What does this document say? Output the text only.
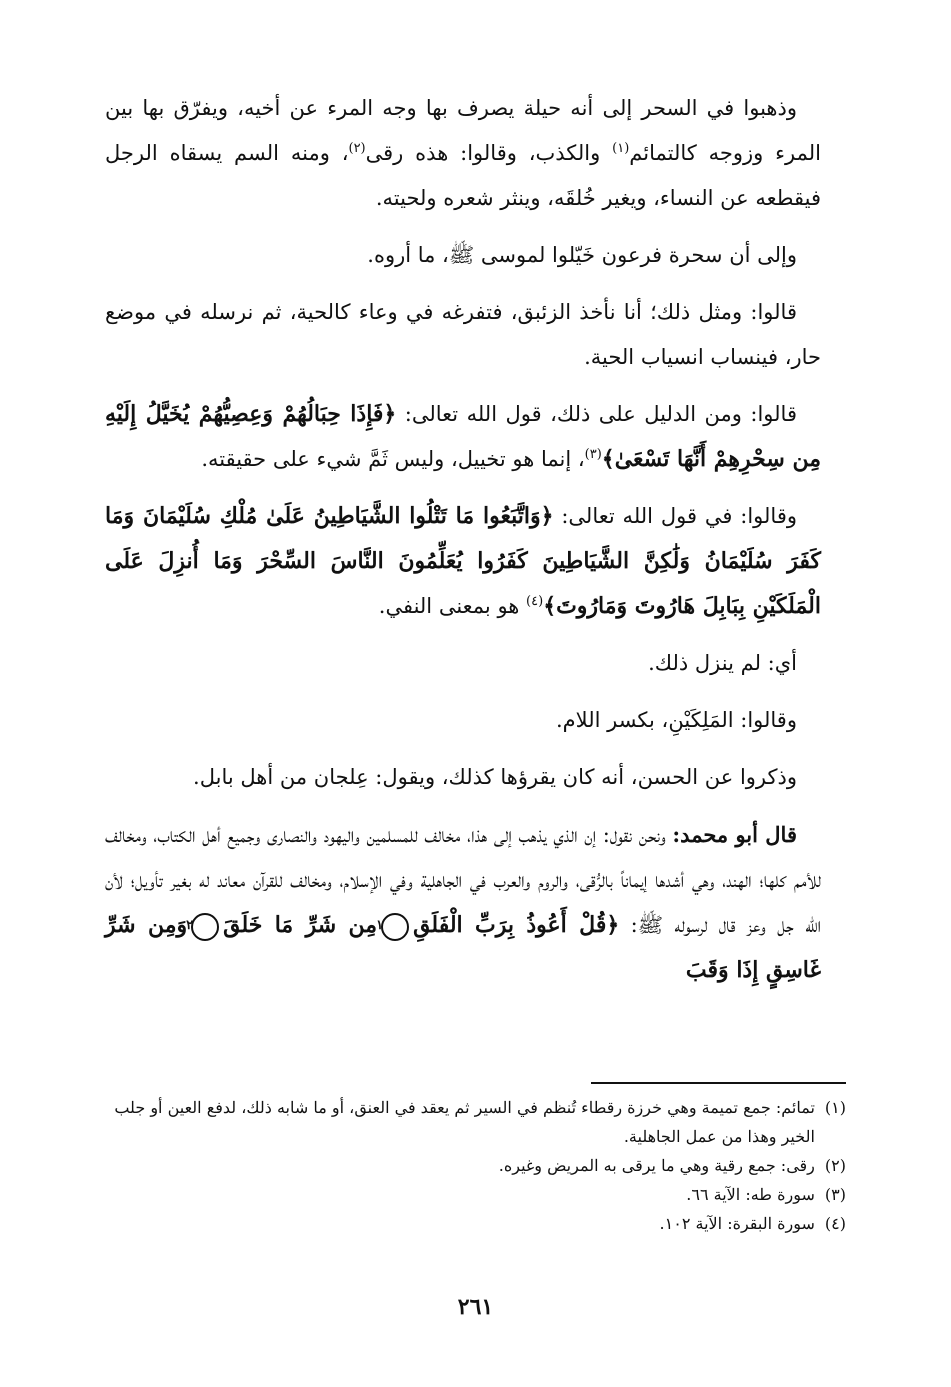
وذهبوا في السحر إلى أنه حيلة يصرف بها وجه المرء عن أخيه، ويفرّق بها بين المرء وزوجه كالتمائم$^{(١)}$ والكذب، وقالوا: هذه رقى$^{(٢)}$، ومنه السم يسقاه الرجل فيقطعه عن النساء، ويغير خُلقَه، وينثر شعره ولحيته.

وإلى أن سحرة فرعون خَيّلوا لموسى ﷺ، ما أروه.

قالوا: ومثل ذلك؛ أنا نأخذ الزئبق، فتفرغه في وعاء كالحية، ثم نرسله في موضع حار، فينساب انسياب الحية.

قالوا: ومن الدليل على ذلك، قول الله تعالى: ﴿فَإِذَا حِبَالُهُمْ وَعِصِيُّهُمْ يُخَيَّلُ إِلَيْهِ مِن سِحْرِهِمْ أَنَّهَا تَسْعَىٰ﴾$^{(٣)}$، إنما هو تخييل، وليس ثَمَّ شيء على حقيقته.

وقالوا: في قول الله تعالى: ﴿وَاتَّبَعُوا مَا تَتْلُوا الشَّيَاطِينُ عَلَىٰ مُلْكِ سُلَيْمَانَ وَمَا كَفَرَ سُلَيْمَانُ وَلَٰكِنَّ الشَّيَاطِينَ كَفَرُوا يُعَلِّمُونَ النَّاسَ السِّحْرَ وَمَا أُنزِلَ عَلَى الْمَلَكَيْنِ بِبَابِلَ هَارُوتَ وَمَارُوتَ﴾$^{(٤)}$ هو بمعنى النفي.

أي: لم ينزل ذلك.

وقالوا: المَلِكَيْنِ، بكسر اللام.

وذكروا عن الحسن، أنه كان يقرؤها كذلك، ويقول: عِلجان من أهل بابل.

قال أبو محمد: ونحن نقول: إن الذي يذهب إلى هذا، مخالف للمسلمين واليهود والنصارى وجميع أهل الكتاب، ومخالف للأمم كلها؛ الهند، وهي أشدها إيماناً بالرُّقى، والروم والعرب في الجاهلية وفي الإسلام، ومخالف للقرآن معاند له بغير تأويل؛ لأن الله جل وعز قال لرسوله ﷺ: ﴿قُلْ أَعُوذُ بِرَبِّ الْفَلَقِ١مِن شَرِّ مَا خَلَقَ٢وَمِن شَرِّ غَاسِقٍ إِذَا وَقَبَ

(١)
تمائم: جمع تميمة وهي خرزة رقطاء تُنظم في السير ثم يعقد في العنق، أو ما شابه ذلك، لدفع العين أو جلب الخير وهذا من عمل الجاهلية.
(٢)
رقى: جمع رقية وهي ما يرقى به المريض وغيره.
(٣)
سورة طه: الآية ٦٦.
(٤)
سورة البقرة: الآية ١٠٢.
٢٦١
